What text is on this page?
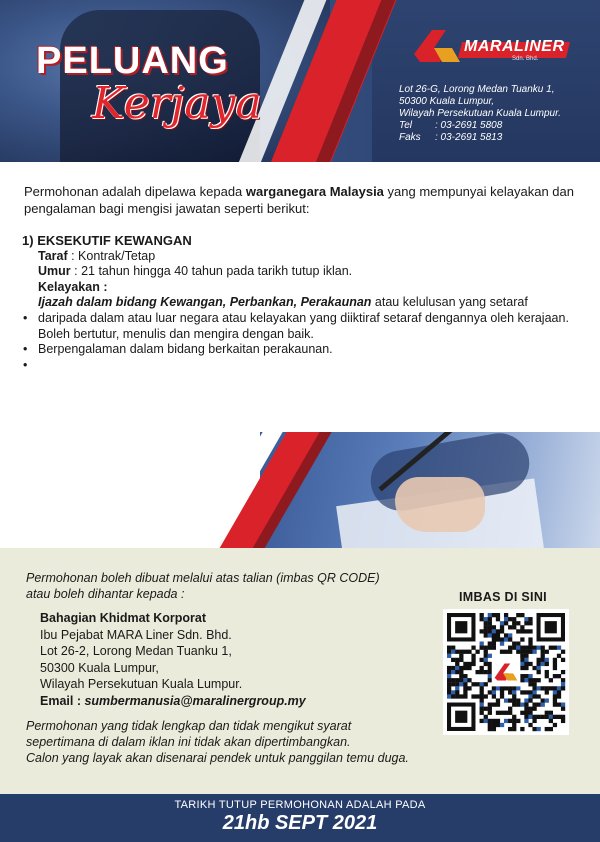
PELUANG
Kerjaya
MARALINER
Sdn. Bhd.
Lot 26-G, Lorong Medan Tuanku 1,
50300 Kuala Lumpur,
Wilayah Persekutuan Kuala Lumpur.
Tel : 03-2691 5808
Faks : 03-2691 5813
Permohonan adalah dipelawa kepada warganegara Malaysia yang mempunyai kelayakan dan pengalaman bagi mengisi jawatan seperti berikut:
1) EKSEKUTIF KEWANGAN
Taraf : Kontrak/Tetap
Umur : 21 tahun hingga 40 tahun pada tarikh tutup iklan.
Kelayakan :
Ijazah dalam bidang Kewangan, Perbankan, Perakaunan atau kelulusan yang setaraf
• daripada dalam atau luar negara atau kelayakan yang diiktiraf setaraf dengannya oleh kerajaan.
Boleh bertutur, menulis dan mengira dengan baik.
• Berpengalaman dalam bidang berkaitan perakaunan.
•
Permohonan boleh dibuat melalui atas talian (imbas QR CODE)
atau boleh dihantar kepada :
Bahagian Khidmat Korporat
Ibu Pejabat MARA Liner Sdn. Bhd.
Lot 26-2, Lorong Medan Tuanku 1,
50300 Kuala Lumpur,
Wilayah Persekutuan Kuala Lumpur.
Email : sumbermanusia@maralinergroup.my
Permohonan yang tidak lengkap dan tidak mengikut syarat
sepertimana di dalam iklan ini tidak akan dipertimbangkan.
Calon yang layak akan disenarai pendek untuk panggilan temu duga.
IMBAS DI SINI
TARIKH TUTUP PERMOHONAN ADALAH PADA
21hb SEPT 2021
